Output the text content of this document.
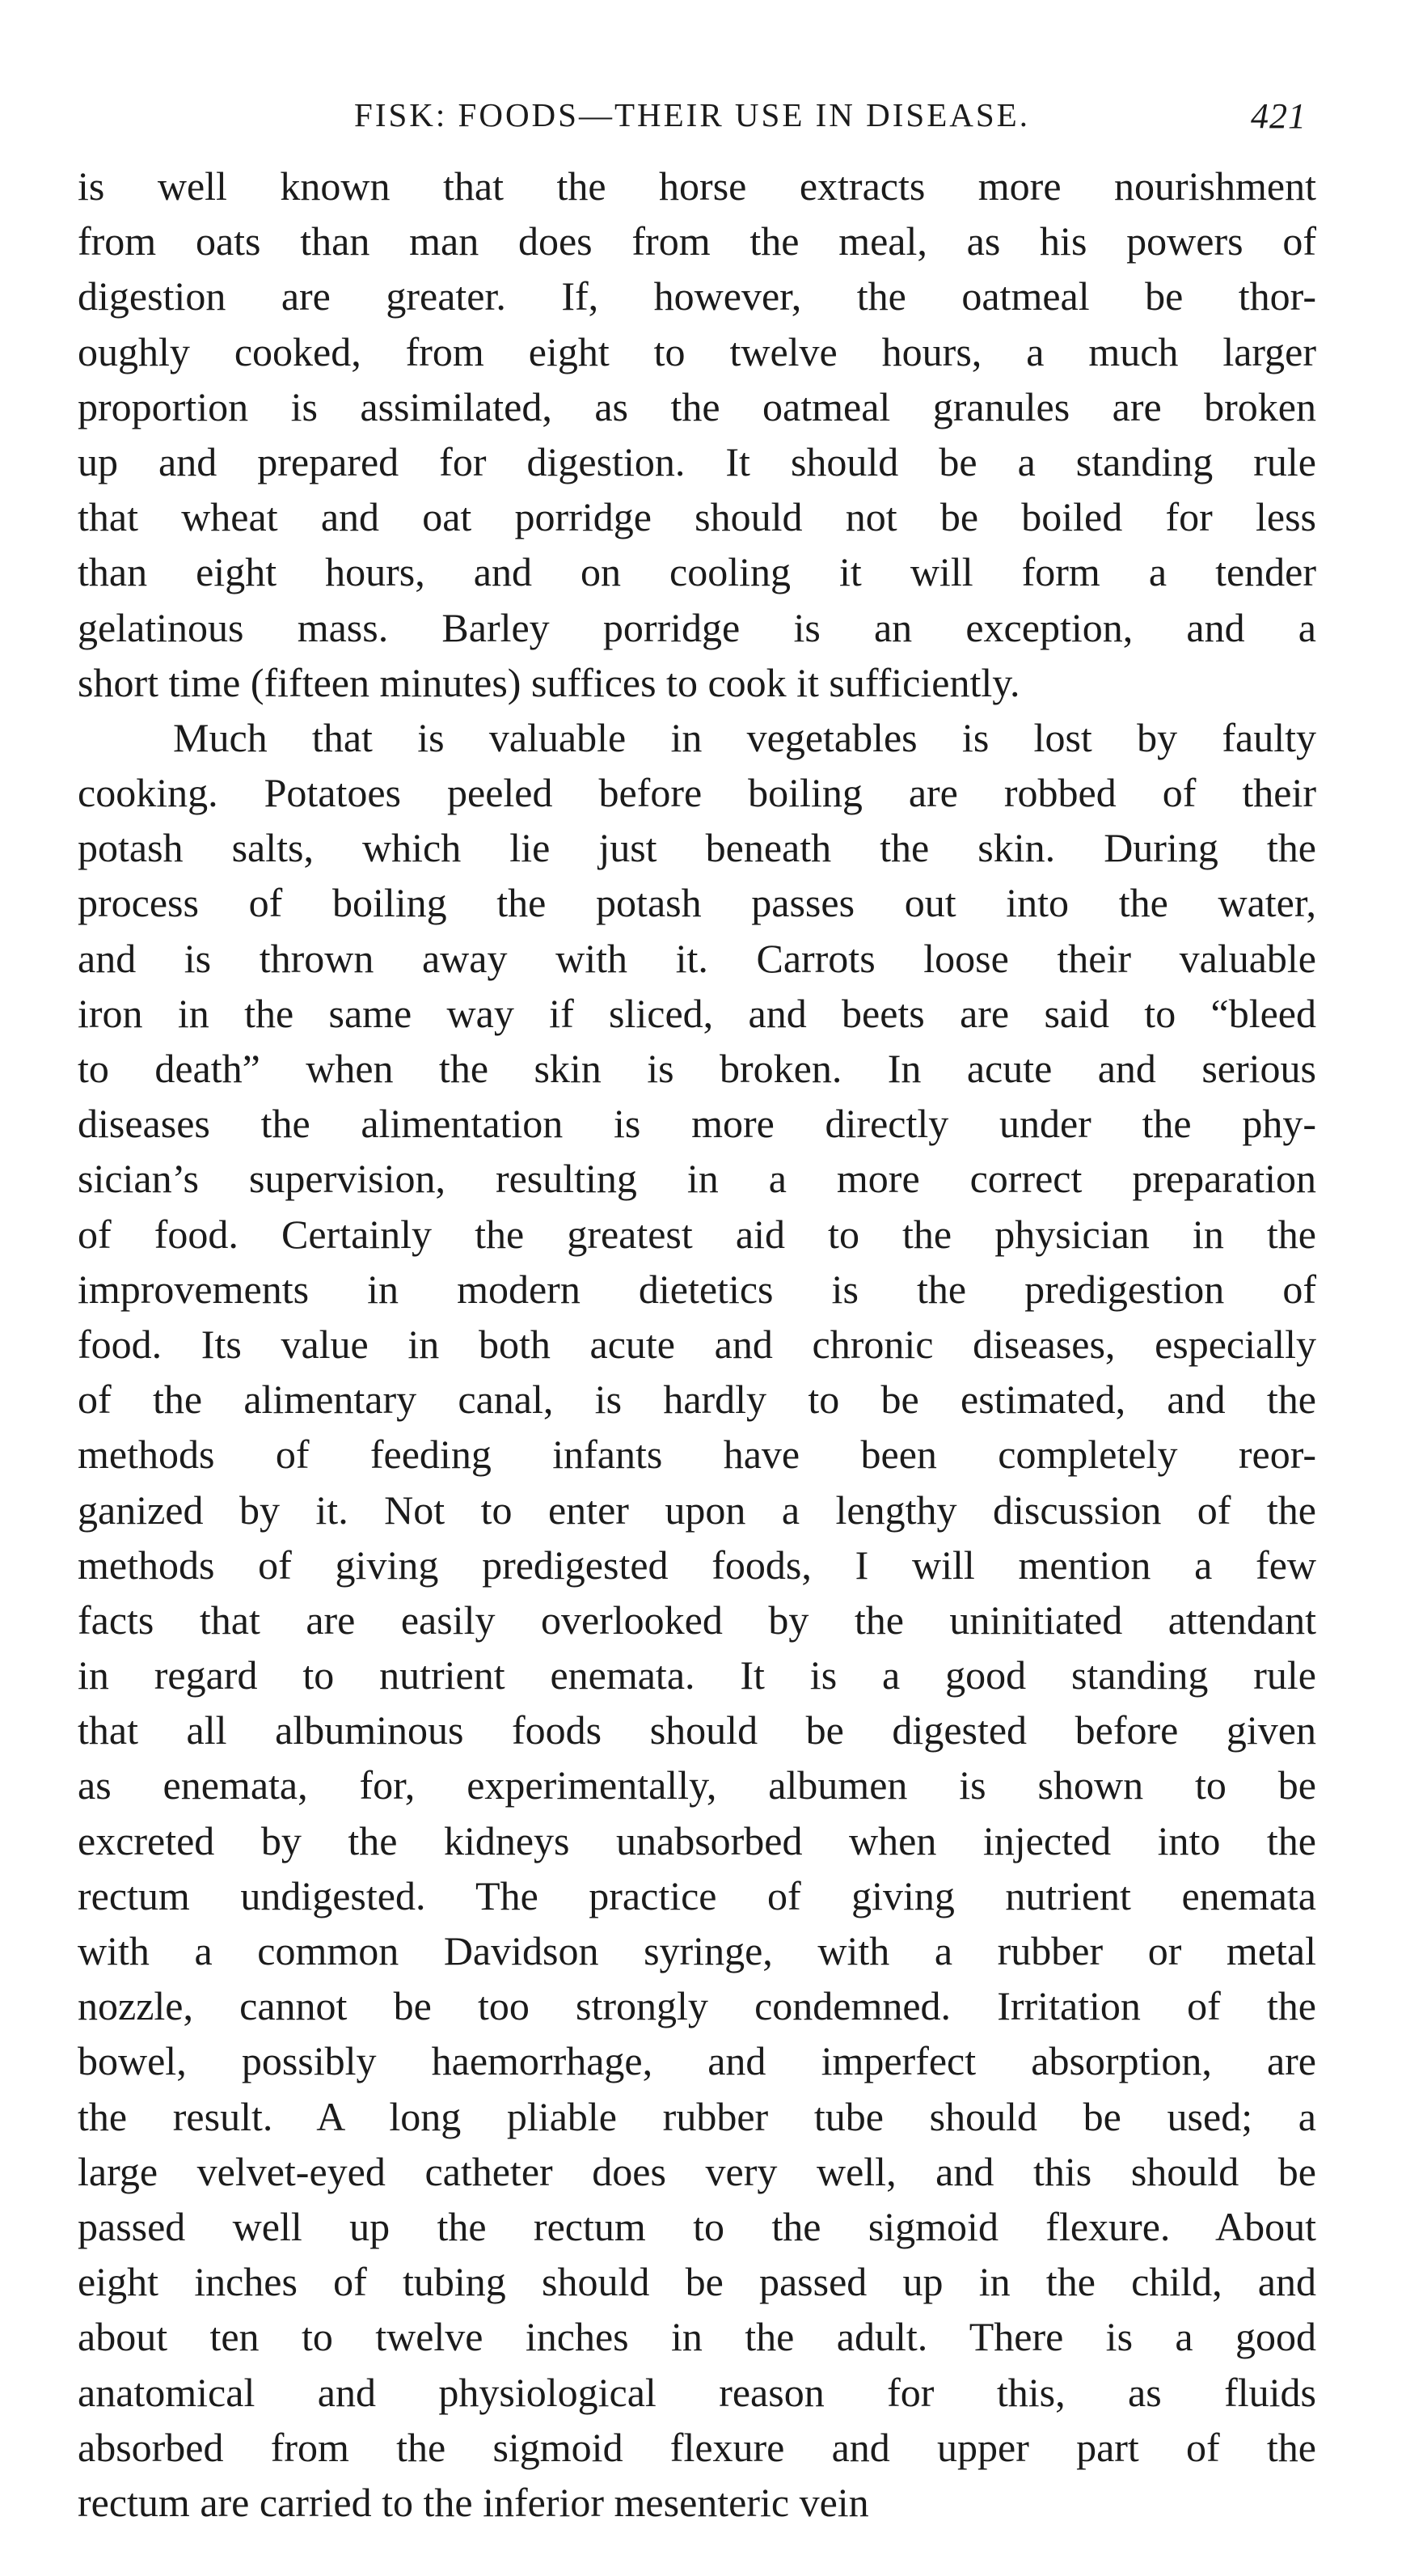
FISK: FOODS—THEIR USE IN DISEASE.	421
is well known that the horse extracts more nourishment
from oats than man does from the meal, as his powers of
digestion are greater. If, however, the oatmeal be thor-
oughly cooked, from eight to twelve hours, a much larger
proportion is assimilated, as the oatmeal granules are broken
up and prepared for digestion. It should be a standing rule
that wheat and oat porridge should not be boiled for less
than eight hours, and on cooling it will form a tender
gelatinous mass. Barley porridge is an exception, and a
short time (fifteen minutes) suffices to cook it sufficiently.
Much that is valuable in vegetables is lost by faulty
cooking. Potatoes peeled before boiling are robbed of their
potash salts, which lie just beneath the skin. During the
process of boiling the potash passes out into the water,
and is thrown away with it. Carrots loose their valuable
iron in the same way if sliced, and beets are said to “bleed
to death” when the skin is broken. In acute and serious
diseases the alimentation is more directly under the phy-
sician’s supervision, resulting in a more correct preparation
of food. Certainly the greatest aid to the physician in the
improvements in modern dietetics is the predigestion of
food. Its value in both acute and chronic diseases, especially
of the alimentary canal, is hardly to be estimated, and the
methods of feeding infants have been completely reor-
ganized by it. Not to enter upon a lengthy discussion of the
methods of giving predigested foods, I will mention a few
facts that are easily overlooked by the uninitiated attendant
in regard to nutrient enemata. It is a good standing rule
that all albuminous foods should be digested before given
as enemata, for, experimentally, albumen is shown to be
excreted by the kidneys unabsorbed when injected into the
rectum undigested. The practice of giving nutrient enemata
with a common Davidson syringe, with a rubber or metal
nozzle, cannot be too strongly condemned. Irritation of the
bowel, possibly haemorrhage, and imperfect absorption, are
the result. A long pliable rubber tube should be used; a
large velvet-eyed catheter does very well, and this should be
passed well up the rectum to the sigmoid flexure. About
eight inches of tubing should be passed up in the child, and
about ten to twelve inches in the adult. There is a good
anatomical and physiological reason for this, as fluids
absorbed from the sigmoid flexure and upper part of the
rectum are carried to the inferior mesenteric vein
